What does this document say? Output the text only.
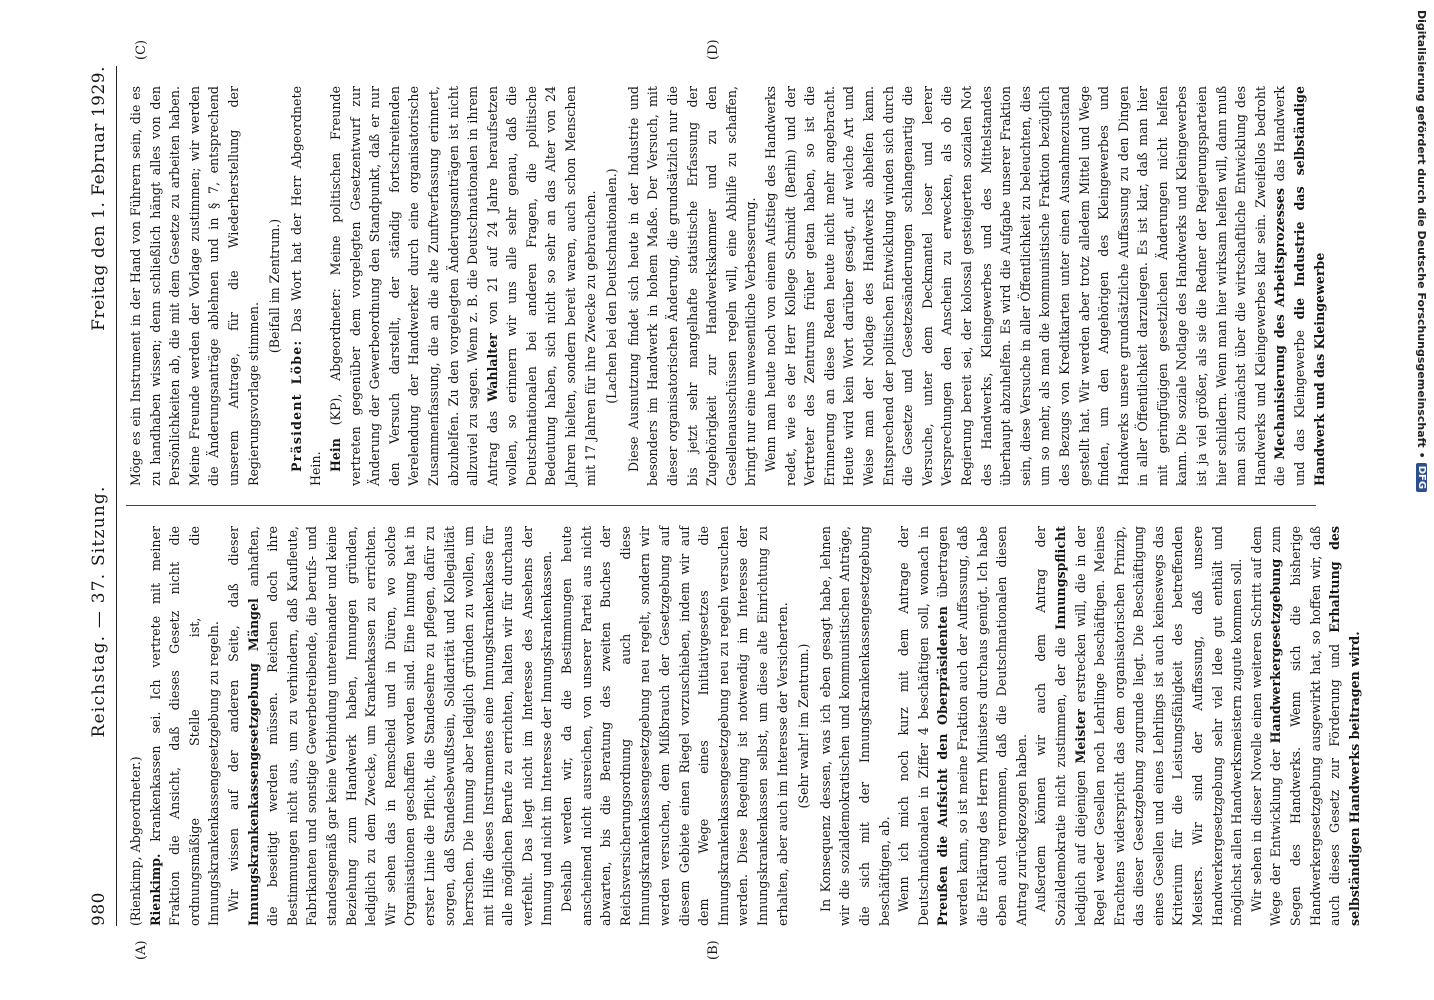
980
Reichstag. — 37. Sitzung.
Freitag den 1. Februar 1929.
(A)	(B)
(C)	(D)

(Rienkimp, Abgeordneter.) Rienkimp. krankenkassen sei. Ich vertrete mit meiner Fraktion die Ansicht, daß dieses Gesetz nicht die ordnungsmäßige Stelle ist, die Innungskrankenkassengesetzgebung zu regeln. Wir wissen auf der anderen Seite, daß dieser Innungskrankenkassengesetzgebung Mängel anhaften, die beseitigt werden müssen. Reichen doch ihre Bestimmungen nicht aus, um zu verhindern, daß Kaufleute, Fabrikanten und sonstige Gewerbetreibende, die berufs- und standesgemäß gar keine Verbindung untereinander und keine Beziehung zum Handwerk haben, Innungen gründen, lediglich zu dem Zwecke, um Krankenkassen zu errichten. Wir sehen das in Remscheid und in Düren, wo solche Organisationen geschaffen worden sind. Eine Innung hat in erster Linie die Pflicht, die Standesehre zu pflegen, dafür zu sorgen, daß Standesbewußtsein, Solidarität und Kollegialität herrschen. Die Innung aber lediglich gründen zu wollen, um mit Hilfe dieses Instrumentes eine Innungskrankenkasse für alle möglichen Berufe zu errichten, halten wir für durchaus verfehlt. Das liegt nicht im Interesse des Ansehens der Innung und nicht im Interesse der Innungskrankenkassen. Deshalb werden wir, da die Bestimmungen heute anscheinend nicht ausreichen, von unserer Partei aus nicht abwarten, bis die Beratung des zweiten Buches der Reichsversicherungsordnung auch diese Innungskrankenkassengesetzgebung neu regelt, sondern wir werden versuchen, dem Mißbrauch der Gesetzgebung auf diesem Gebiete einen Riegel vorzuschieben, indem wir auf dem Wege eines Initiativgesetzes die Innungskrankenkassengesetzgebung neu zu regeln versuchen werden. Diese Regelung ist notwendig im Interesse der Innungskrankenkassen selbst, um diese alte Einrichtung zu erhalten, aber auch im Interesse der Versicherten. (Sehr wahr! im Zentrum.) In Konsequenz dessen, was ich eben gesagt habe, lehnen wir die sozialdemokratischen und kommunistischen Anträge, die sich mit der Innungskrankenkassengesetzgebung beschäftigen, ab. Wenn ich mich noch kurz mit dem Antrage der Deutschnationalen in Ziffer 4 beschäftigen soll, wonach in Preußen die Aufsicht den Oberpräsidenten übertragen werden kann, so ist meine Fraktion auch der Auffassung, daß die Erklärung des Herrn Ministers durchaus genügt. Ich habe eben auch vernommen, daß die Deutschnationalen diesen Antrag zurückgezogen haben. Außerdem können wir auch dem Antrag der Sozialdemokratie nicht zustimmen, der die Innungspflicht lediglich auf diejenigen Meister erstrecken will, die in der Regel weder Gesellen noch Lehrlinge beschäftigen. Meines Erachtens widerspricht das dem organisatorischen Prinzip, das dieser Gesetzgebung zugrunde liegt. Die Beschäftigung eines Gesellen und eines Lehrlings ist auch keineswegs das Kriterium für die Leistungsfähigkeit des betreffenden Meisters. Wir sind der Auffassung, daß unsere Handwerkergesetzgebung sehr viel Idee gut enthält und möglichst allen Handwerksmeistern zugute kommen soll. Wir sehen in dieser Novelle einen weiteren Schritt auf dem Wege der Entwicklung der Handwerkergesetzgebung zum Segen des Handwerks. Wenn sich die bisherige Handwerkergesetzgebung ausgewirkt hat, so hoffen wir, daß auch dieses Gesetz zur Förderung und Erhaltung des selbständigen Handwerks beitragen wird.

Möge es ein Instrument in der Hand von Führern sein, die es zu handhaben wissen; denn schließlich hängt alles von den Persönlichkeiten ab, die mit dem Gesetze zu arbeiten haben. Meine Freunde werden der Vorlage zustimmen; wir werden die Änderungsanträge ablehnen und in § 7, entsprechend unserem Antrage, für die Wiederherstellung der Regierungsvorlage stimmen.

(Beifall im Zentrum.)

Präsident Löbe: Das Wort hat der Herr Abgeordnete Hein. Hein (KP), Abgeordneter: Meine politischen Freunde vertreten gegenüber dem vorgelegten Gesetzentwurf zur Änderung der Gewerbeordnung den Standpunkt, daß er nur den Versuch darstellt, der ständig fortschreitenden Verelendung der Handwerker durch eine organisatorische Zusammenfassung, die an die alte Zunftverfassung erinnert, abzuhelfen. Zu den vorgelegten Änderungsanträgen ist nicht allzuviel zu sagen. Wenn z. B. die Deutschnationalen in ihrem Antrag das Wahlalter von 21 auf 24 Jahre heraufsetzen wollen, so erinnern wir uns alle sehr genau, daß die Deutschnationalen bei anderen Fragen, die politische Bedeutung haben, sich nicht so sehr an das Alter von 24 Jahren hielten, sondern bereit waren, auch schon Menschen mit 17 Jahren für ihre Zwecke zu gebrauchen. (Lachen bei den Deutschnationalen.) Diese Ausnutzung findet sich heute in der Industrie und besonders im Handwerk in hohem Maße. Der Versuch, mit dieser organisatorischen Änderung, die grundsätzlich nur die bis jetzt sehr mangelhafte statistische Erfassung der Zugehörigkeit zur Handwerkskammer und zu den Gesellenausschüssen regeln will, eine Abhilfe zu schaffen, bringt nur eine unwesentliche Verbesserung. Wenn man heute noch von einem Aufstieg des Handwerks redet, wie es der Herr Kollege Schmidt (Berlin) und der Vertreter des Zentrums früher getan haben, so ist die Erinnerung an diese Reden heute nicht mehr angebracht. Heute wird kein Wort darüber gesagt, auf welche Art und Weise man der Notlage des Handwerks abhelfen kann. Entsprechend der politischen Entwicklung winden sich durch die Gesetze und Gesetzesänderungen schlangenartig die Versuche, unter dem Deckmantel loser und leerer Versprechungen den Anschein zu erwecken, als ob die Regierung bereit sei, der kolossal gesteigerten sozialen Not des Handwerks, Kleingewerbes und des Mittelstandes überhaupt abzuhelfen. Es wird die Aufgabe unserer Fraktion sein, diese Versuche in aller Öffentlichkeit zu beleuchten, dies um so mehr, als man die kommunistische Fraktion bezüglich des Bezugs von Kreditkarten unter einen Ausnahmezustand gestellt hat. Wir werden aber trotz alledem Mittel und Wege finden, um den Angehörigen des Kleingewerbes und Handwerks unsere grundsätzliche Auffassung zu den Dingen in aller Öffentlichkeit darzulegen. Es ist klar, daß man hier mit geringfügigen gesetzlichen Änderungen nicht helfen kann. Die soziale Notlage des Handwerks und Kleingewerbes ist ja viel größer, als sie die Redner der Regierungsparteien hier schildern. Wenn man hier wirksam helfen will, dann muß man sich zunächst über die wirtschaftliche Entwicklung des Handwerks und Kleingewerbes klar sein. Zweifellos bedroht die Mechanisierung des Arbeitsprozesses das Handwerk und das Kleingewerbe die Industrie das selbständige Handwerk und das Kleingewerbe	Digitalisierung gefördert durch die Deutsche Forschungsgemeinschaft
•
DFG
